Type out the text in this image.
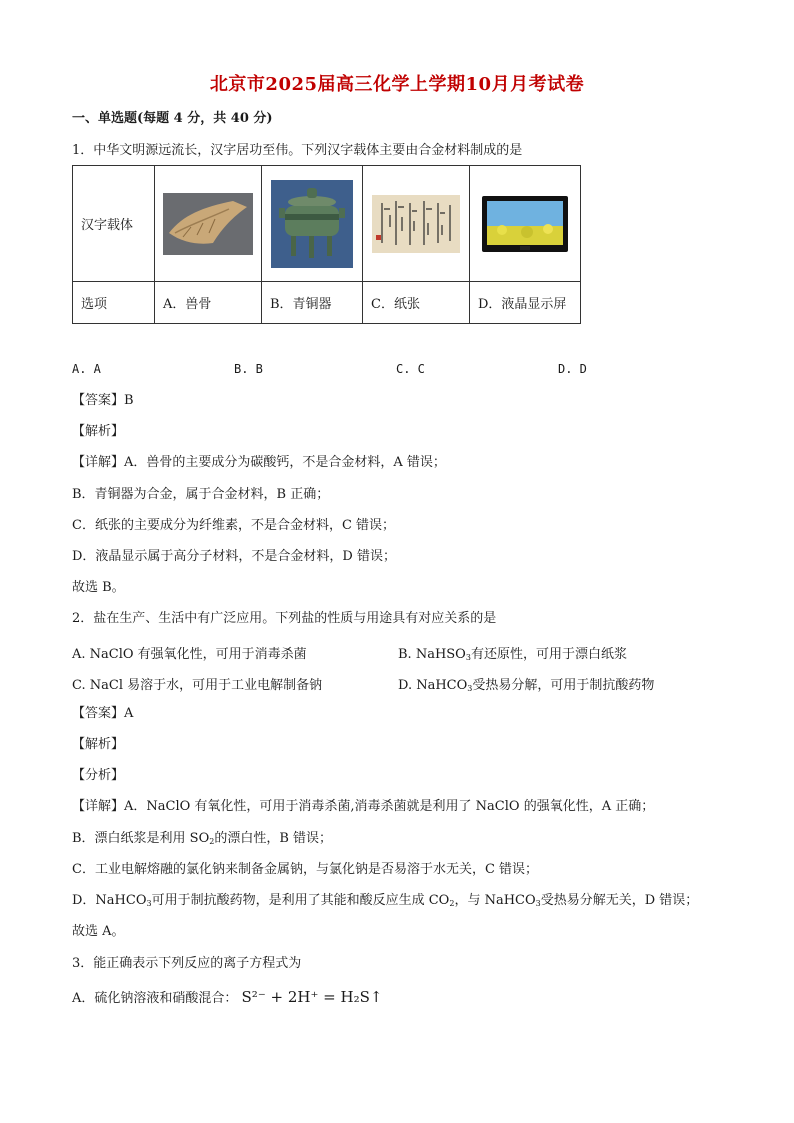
北京市2025届高三化学上学期10月月考试卷
一、单选题(每题 4 分，共 40 分)
1．中华文明源远流长，汉字居功至伟。下列汉字载体主要由合金材料制成的是
汉字载体	

选项	A．兽骨	B．青铜器	C．纸张	D．液晶显示屏
A. A	B. B	C. C	D. D
【答案】B
【解析】
【详解】A．兽骨的主要成分为碳酸钙，不是合金材料，A 错误；
B．青铜器为合金，属于合金材料，B 正确；
C．纸张的主要成分为纤维素，不是合金材料，C 错误；
D．液晶显示属于高分子材料，不是合金材料，D 错误；
故选 B。
2．盐在生产、生活中有广泛应用。下列盐的性质与用途具有对应关系的是
A. NaClO 有强氧化性，可用于消毒杀菌	B. NaHSO$_3$有还原性，可用于漂白纸浆
C. NaCl 易溶于水，可用于工业电解制备钠	D. NaHCO$_3$受热易分解，可用于制抗酸药物
【答案】A
【解析】
【分析】
【详解】A．NaClO 有氧化性，可用于消毒杀菌,消毒杀菌就是利用了 NaClO 的强氧化性，A 正确；
B．漂白纸浆是利用 $SO_2$的漂白性，B 错误；
C．工业电解熔融的氯化钠来制备金属钠，与氯化钠是否易溶于水无关，C 错误；
D．NaHCO$_3$可用于制抗酸药物，是利用了其能和酸反应生成 $CO_2$，与 NaHCO$_3$受热易分解无关，D 错误；
故选 A。
3．能正确表示下列反应的离子方程式为
A．硫化钠溶液和硝酸混合： S²⁻ + 2H⁺ = H₂S↑
